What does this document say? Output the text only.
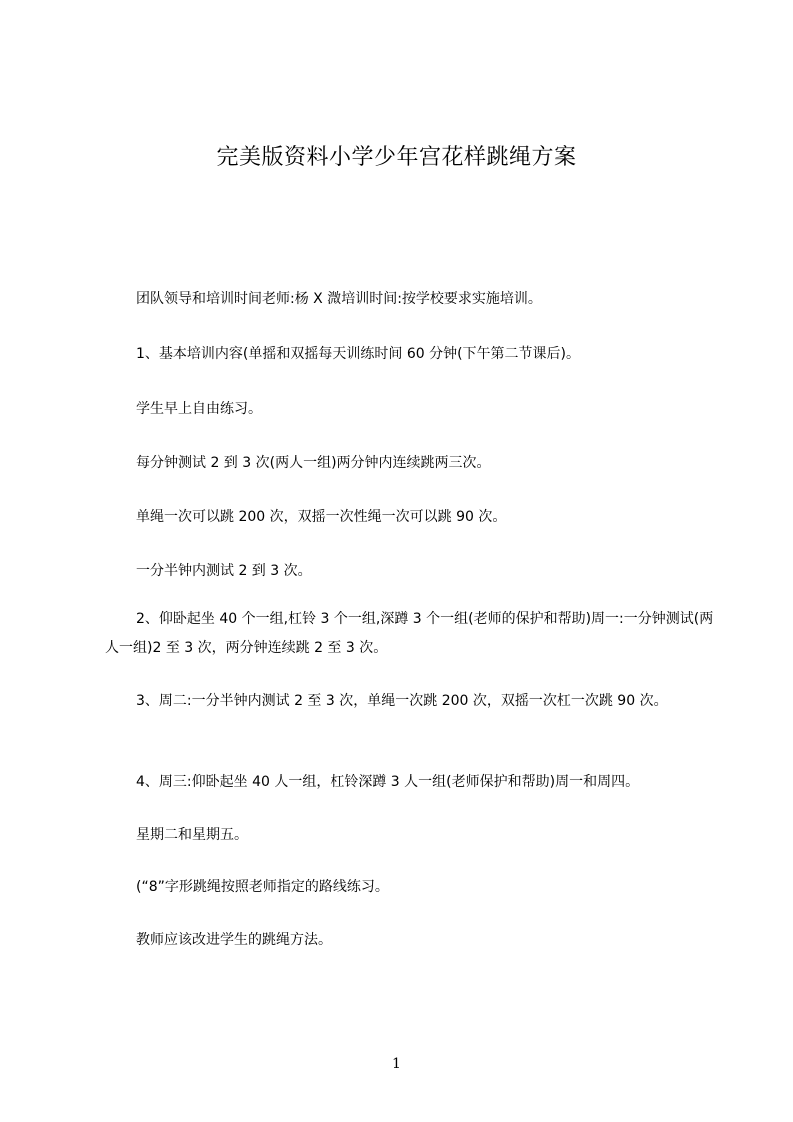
完美版资料小学少年宫花样跳绳方案
团队领导和培训时间老师:杨 X 溦培训时间:按学校要求实施培训。
1、基本培训内容(单摇和双摇每天训练时间 60 分钟(下午第二节课后)。
学生早上自由练习。
每分钟测试 2 到 3 次(两人一组)两分钟内连续跳两三次。
单绳一次可以跳 200 次，双摇一次性绳一次可以跳 90 次。
一分半钟内测试 2 到 3 次。
2、仰卧起坐 40 个一组,杠铃 3 个一组,深蹲 3 个一组(老师的保护和帮助)周一:一分钟测试(两人一组)2 至 3 次，两分钟连续跳 2 至 3 次。
3、周二:一分半钟内测试 2 至 3 次，单绳一次跳 200 次，双摇一次杠一次跳 90 次。
4、周三:仰卧起坐 40 人一组，杠铃深蹲 3 人一组(老师保护和帮助)周一和周四。
星期二和星期五。
(“8”字形跳绳按照老师指定的路线练习。
教师应该改进学生的跳绳方法。
1
